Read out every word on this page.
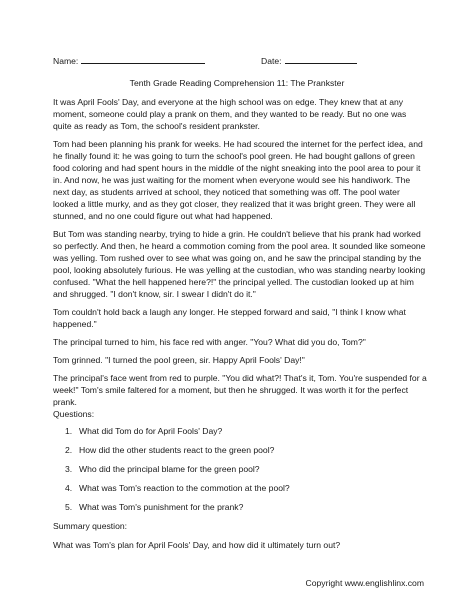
Name:	Date:
Tenth Grade Reading Comprehension 11: The Prankster

It was April Fools' Day, and everyone at the high school was on edge. They knew that at any moment, someone could play a prank on them, and they wanted to be ready. But no one was quite as ready as Tom, the school's resident prankster.

Tom had been planning his prank for weeks. He had scoured the internet for the perfect idea, and he finally found it: he was going to turn the school's pool green. He had bought gallons of green food coloring and had spent hours in the middle of the night sneaking into the pool area to pour it in. And now, he was just waiting for the moment when everyone would see his handiwork. The next day, as students arrived at school, they noticed that something was off. The pool water looked a little murky, and as they got closer, they realized that it was bright green. They were all stunned, and no one could figure out what had happened.

But Tom was standing nearby, trying to hide a grin. He couldn't believe that his prank had worked so perfectly. And then, he heard a commotion coming from the pool area. It sounded like someone was yelling. Tom rushed over to see what was going on, and he saw the principal standing by the pool, looking absolutely furious. He was yelling at the custodian, who was standing nearby looking confused. "What the hell happened here?!" the principal yelled. The custodian looked up at him and shrugged. "I don't know, sir. I swear I didn't do it."

Tom couldn't hold back a laugh any longer. He stepped forward and said, "I think I know what happened."

The principal turned to him, his face red with anger. "You? What did you do, Tom?"

Tom grinned. "I turned the pool green, sir. Happy April Fools' Day!"

The principal's face went from red to purple. "You did what?! That's it, Tom. You're suspended for a week!" Tom's smile faltered for a moment, but then he shrugged. It was worth it for the perfect prank.

Questions:

1. What did Tom do for April Fools' Day?
2. How did the other students react to the green pool?
3. Who did the principal blame for the green pool?
4. What was Tom's reaction to the commotion at the pool?
5. What was Tom's punishment for the prank?

Summary question:

What was Tom's plan for April Fools' Day, and how did it ultimately turn out?

Copyright www.englishlinx.com
